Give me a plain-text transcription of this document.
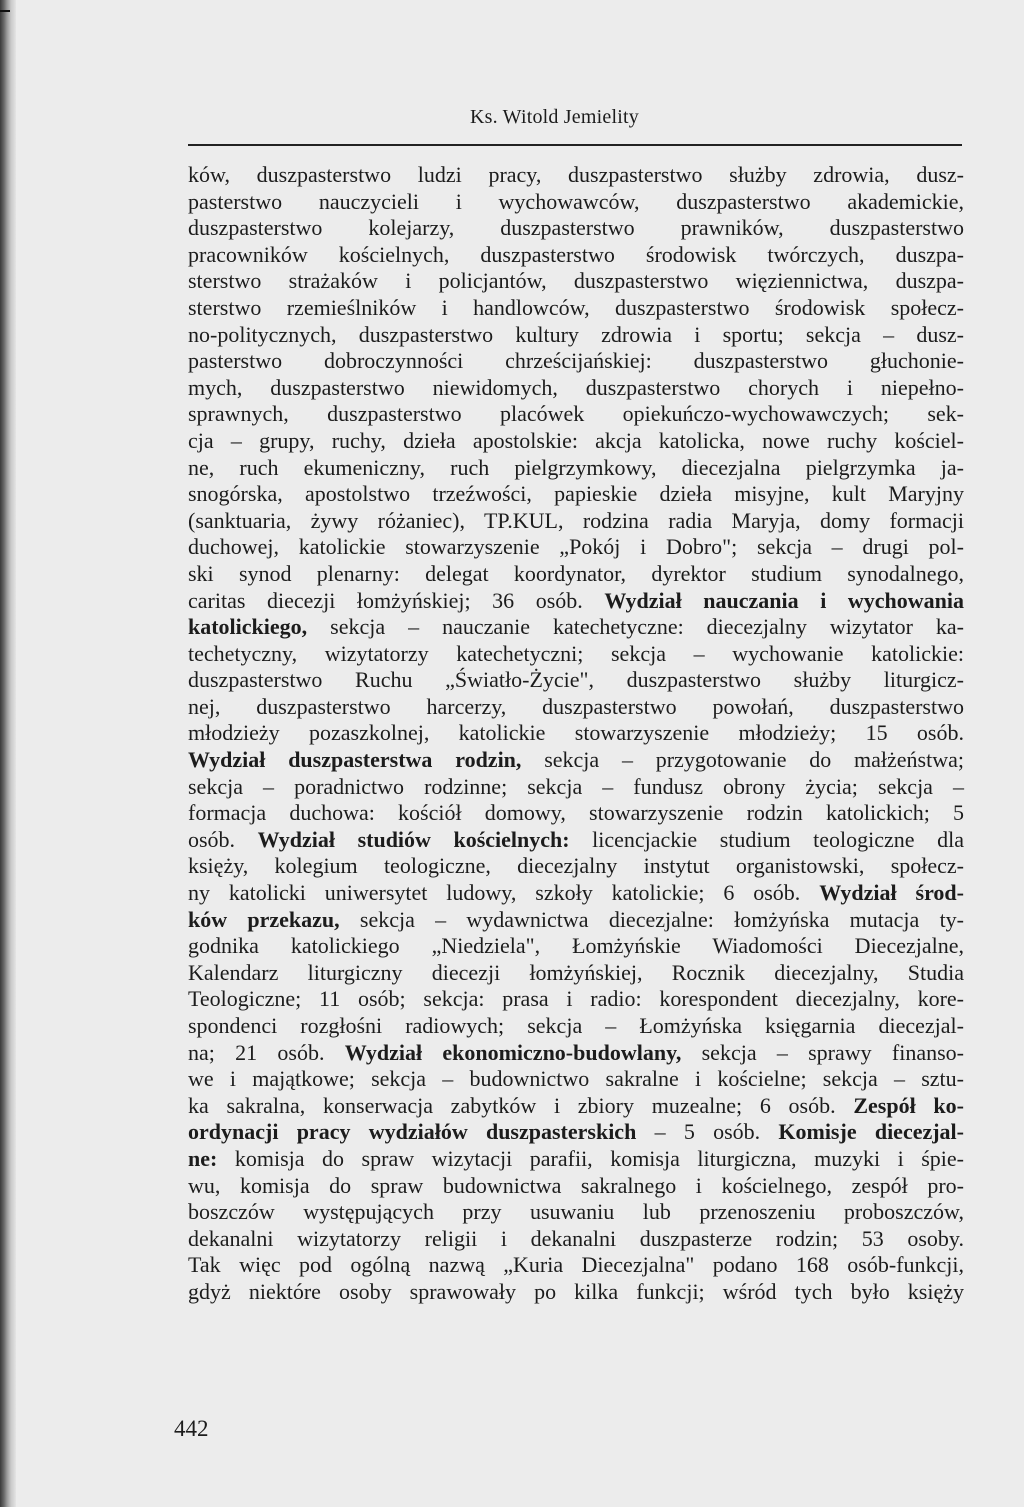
Ks. Witold Jemielity
ków, duszpasterstwo ludzi pracy, duszpasterstwo służby zdrowia, dusz-
pasterstwo nauczycieli i wychowawców, duszpasterstwo akademickie,
duszpasterstwo kolejarzy, duszpasterstwo prawników, duszpasterstwo
pracowników kościelnych, duszpasterstwo środowisk twórczych, duszpa-
sterstwo strażaków i policjantów, duszpasterstwo więziennictwa, duszpa-
sterstwo rzemieślników i handlowców, duszpasterstwo środowisk społecz-
no-politycznych, duszpasterstwo kultury zdrowia i sportu; sekcja – dusz-
pasterstwo dobroczynności chrześcijańskiej: duszpasterstwo głuchonie-
mych, duszpasterstwo niewidomych, duszpasterstwo chorych i niepełno-
sprawnych, duszpasterstwo placówek opiekuńczo-wychowawczych; sek-
cja – grupy, ruchy, dzieła apostolskie: akcja katolicka, nowe ruchy kościel-
ne, ruch ekumeniczny, ruch pielgrzymkowy, diecezjalna pielgrzymka ja-
snogórska, apostolstwo trzeźwości, papieskie dzieła misyjne, kult Maryjny
(sanktuaria, żywy różaniec), TP.KUL, rodzina radia Maryja, domy formacji
duchowej, katolickie stowarzyszenie „Pokój i Dobro"; sekcja – drugi pol-
ski synod plenarny: delegat koordynator, dyrektor studium synodalnego,
caritas diecezji łomżyńskiej; 36 osób. Wydział nauczania i wychowania
katolickiego, sekcja – nauczanie katechetyczne: diecezjalny wizytator ka-
techetyczny, wizytatorzy katechetyczni; sekcja – wychowanie katolickie:
duszpasterstwo Ruchu „Światło-Życie", duszpasterstwo służby liturgicz-
nej, duszpasterstwo harcerzy, duszpasterstwo powołań, duszpasterstwo
młodzieży pozaszkolnej, katolickie stowarzyszenie młodzieży; 15 osób.
Wydział duszpasterstwa rodzin, sekcja – przygotowanie do małżeństwa;
sekcja – poradnictwo rodzinne; sekcja – fundusz obrony życia; sekcja –
formacja duchowa: kościół domowy, stowarzyszenie rodzin katolickich; 5
osób. Wydział studiów kościelnych: licencjackie studium teologiczne dla
księży, kolegium teologiczne, diecezjalny instytut organistowski, społecz-
ny katolicki uniwersytet ludowy, szkoły katolickie; 6 osób. Wydział środ-
ków przekazu, sekcja – wydawnictwa diecezjalne: łomżyńska mutacja ty-
godnika katolickiego „Niedziela", Łomżyńskie Wiadomości Diecezjalne,
Kalendarz liturgiczny diecezji łomżyńskiej, Rocznik diecezjalny, Studia
Teologiczne; 11 osób; sekcja: prasa i radio: korespondent diecezjalny, kore-
spondenci rozgłośni radiowych; sekcja – Łomżyńska księgarnia diecezjal-
na; 21 osób. Wydział ekonomiczno-budowlany, sekcja – sprawy finanso-
we i majątkowe; sekcja – budownictwo sakralne i kościelne; sekcja – sztu-
ka sakralna, konserwacja zabytków i zbiory muzealne; 6 osób. Zespół ko-
ordynacji pracy wydziałów duszpasterskich – 5 osób. Komisje diecezjal-
ne: komisja do spraw wizytacji parafii, komisja liturgiczna, muzyki i śpie-
wu, komisja do spraw budownictwa sakralnego i kościelnego, zespół pro-
boszczów występujących przy usuwaniu lub przenoszeniu proboszczów,
dekanalni wizytatorzy religii i dekanalni duszpasterze rodzin; 53 osoby.
Tak więc pod ogólną nazwą „Kuria Diecezjalna" podano 168 osób-funkcji,
gdyż niektóre osoby sprawowały po kilka funkcji; wśród tych było księży
442
